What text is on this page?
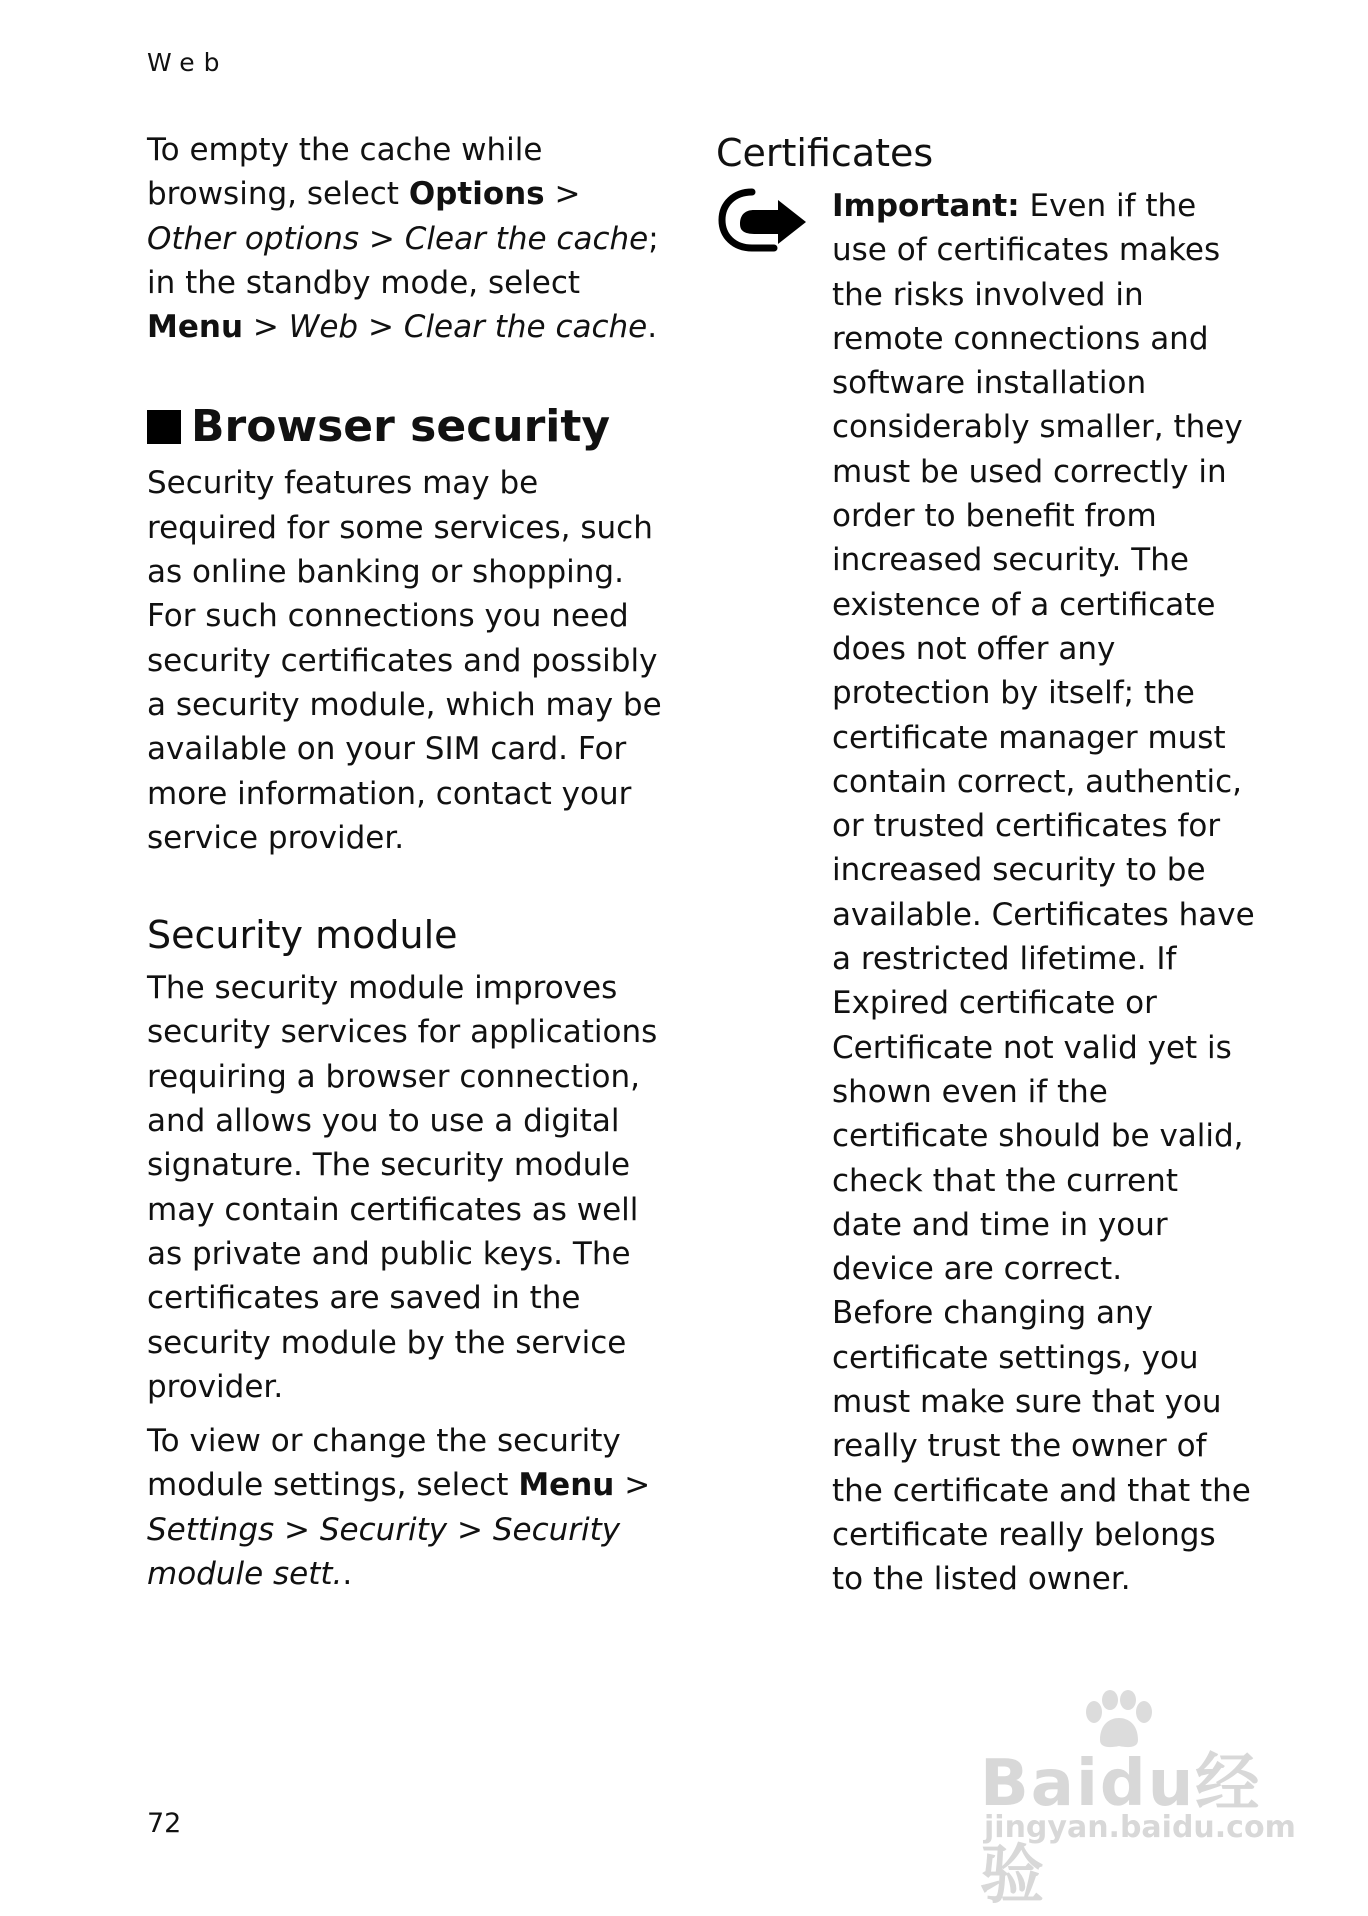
Web

To empty the cache while browsing, select Options > Other options > Clear the cache; in the standby mode, select Menu > Web > Clear the cache.

Browser security

Security features may be required for some services, such as online banking or shopping. For such connections you need security certificates and possibly a security module, which may be available on your SIM card. For more information, contact your service provider.

Security module

The security module improves security services for applications requiring a browser connection, and allows you to use a digital signature. The security module may contain certificates as well as private and public keys. The certificates are saved in the security module by the service provider.

To view or change the security module settings, select Menu > Settings > Security > Security module sett..

Certificates

Important: Even if the use of certificates makes the risks involved in remote connections and software installation considerably smaller, they must be used correctly in order to benefit from increased security. The existence of a certificate does not offer any protection by itself; the certificate manager must contain correct, authentic, or trusted certificates for increased security to be available. Certificates have a restricted lifetime. If Expired certificate or Certificate not valid yet is shown even if the certificate should be valid, check that the current date and time in your device are correct.

Before changing any certificate settings, you must make sure that you really trust the owner of the certificate and that the certificate really belongs to the listed owner.

72
Baidu经验
jingyan.baidu.com
